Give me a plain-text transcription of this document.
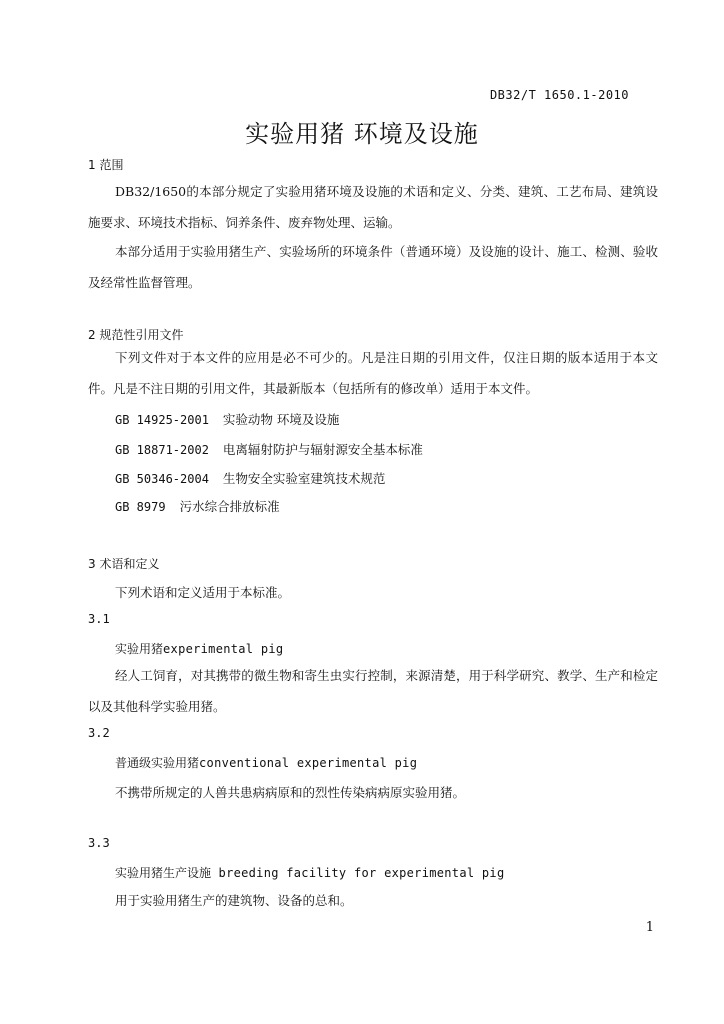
DB32/T 1650.1-2010
实验用猪 环境及设施
1 范围
DB32/1650的本部分规定了实验用猪环境及设施的术语和定义、分类、建筑、工艺布局、建筑设施要求、环境技术指标、饲养条件、废弃物处理、运输。
本部分适用于实验用猪生产、实验场所的环境条件（普通环境）及设施的设计、施工、检测、验收及经常性监督管理。
2 规范性引用文件
下列文件对于本文件的应用是必不可少的。凡是注日期的引用文件，仅注日期的版本适用于本文件。凡是不注日期的引用文件，其最新版本（包括所有的修改单）适用于本文件。
GB 14925-2001 实验动物 环境及设施
GB 18871-2002 电离辐射防护与辐射源安全基本标准
GB 50346-2004 生物安全实验室建筑技术规范
GB 8979 污水综合排放标准
3 术语和定义
下列术语和定义适用于本标准。
3.1
实验用猪experimental pig
经人工饲育，对其携带的微生物和寄生虫实行控制，来源清楚，用于科学研究、教学、生产和检定以及其他科学实验用猪。
3.2
普通级实验用猪conventional experimental pig
不携带所规定的人兽共患病病原和的烈性传染病病原实验用猪。
3.3
实验用猪生产设施 breeding facility for experimental pig
用于实验用猪生产的建筑物、设备的总和。
1
